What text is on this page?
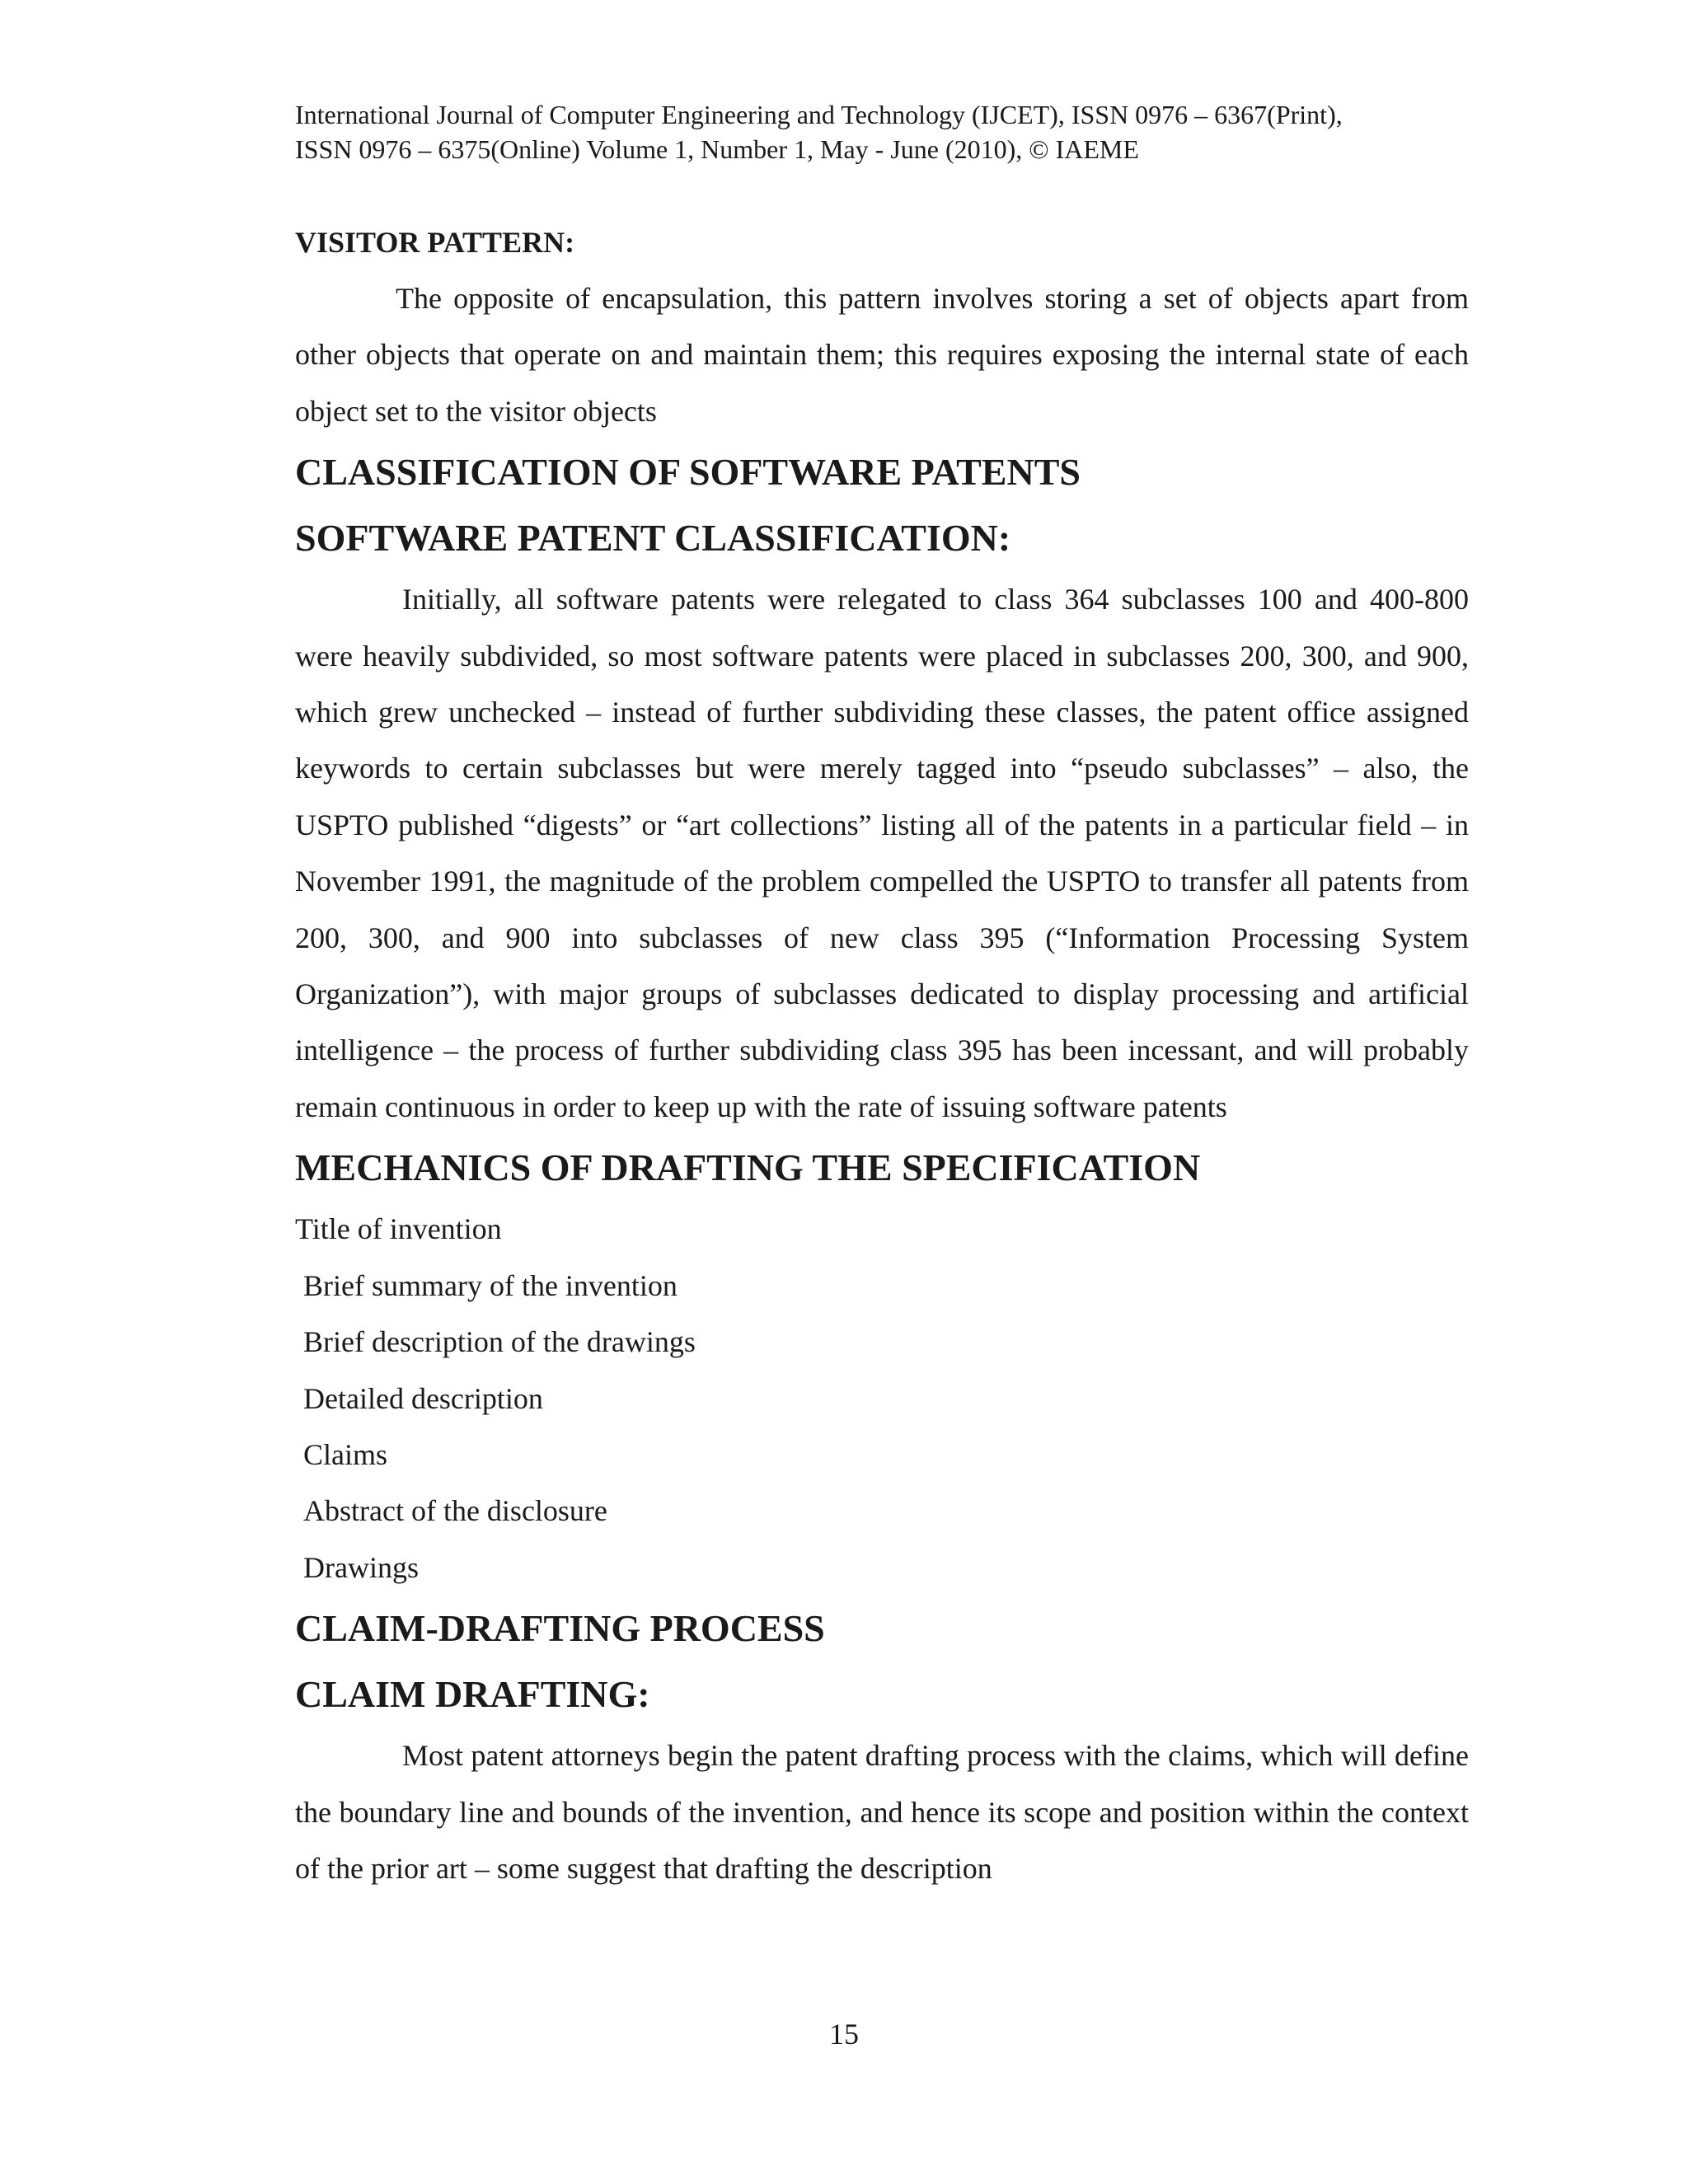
International Journal of Computer Engineering and Technology (IJCET), ISSN 0976 – 6367(Print),
ISSN 0976 – 6375(Online) Volume 1, Number 1, May - June (2010), © IAEME

VISITOR PATTERN:

The opposite of encapsulation, this pattern involves storing a set of objects apart from other objects that operate on and maintain them; this requires exposing the internal state of each object set to the visitor objects

CLASSIFICATION OF SOFTWARE PATENTS

SOFTWARE PATENT CLASSIFICATION:

Initially, all software patents were relegated to class 364 subclasses 100 and 400-800 were heavily subdivided, so most software patents were placed in subclasses 200, 300, and 900, which grew unchecked – instead of further subdividing these classes, the patent office assigned keywords to certain subclasses but were merely tagged into “pseudo subclasses” – also, the USPTO published “digests” or “art collections” listing all of the patents in a particular field – in November 1991, the magnitude of the problem compelled the USPTO to transfer all patents from 200, 300, and 900 into subclasses of new class 395 (“Information Processing System Organization”), with major groups of subclasses dedicated to display processing and artificial intelligence – the process of further subdividing class 395 has been incessant, and will probably remain continuous in order to keep up with the rate of issuing software patents

MECHANICS OF DRAFTING THE SPECIFICATION

Title of invention
Brief summary of the invention
Brief description of the drawings
Detailed description
Claims
Abstract of the disclosure
Drawings

CLAIM-DRAFTING PROCESS

CLAIM DRAFTING:

Most patent attorneys begin the patent drafting process with the claims, which will define the boundary line and bounds of the invention, and hence its scope and position within the context of the prior art – some suggest that drafting the description

15
